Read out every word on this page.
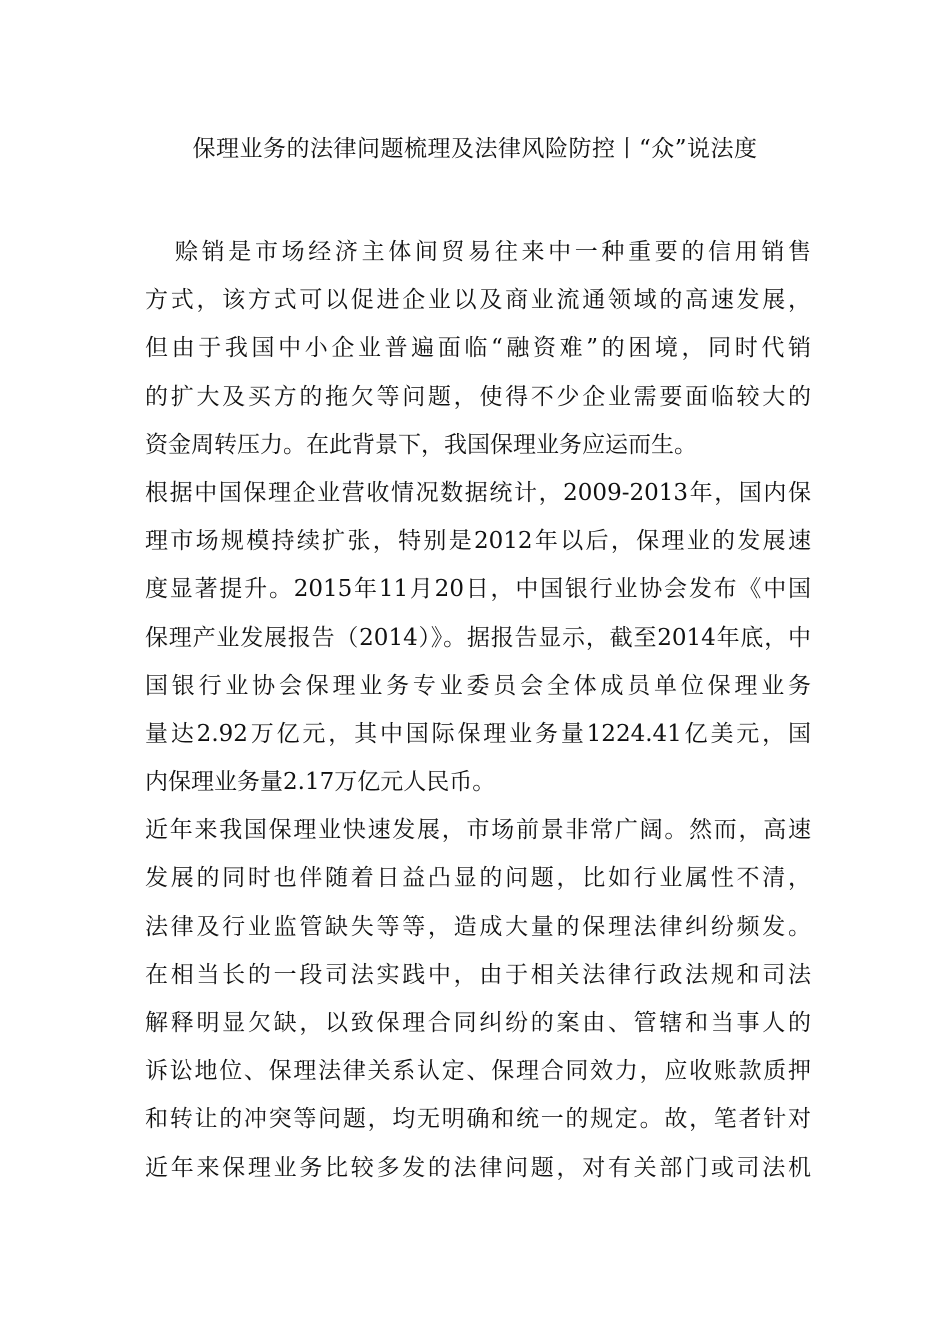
保理业务的法律问题梳理及法律风险防控丨“众”说法度
赊销是市场经济主体间贸易往来中一种重要的信用销售
方式，该方式可以促进企业以及商业流通领域的高速发展，
但由于我国中小企业普遍面临“融资难”的困境，同时代销
的扩大及买方的拖欠等问题，使得不少企业需要面临较大的
资金周转压力。在此背景下，我国保理业务应运而生。
根据中国保理企业营收情况数据统计，2009-2013年，国内保
理市场规模持续扩张，特别是2012年以后，保理业的发展速
度显著提升。2015年11月20日，中国银行业协会发布《中国
保理产业发展报告（2014）》。据报告显示，截至2014年底，中
国银行业协会保理业务专业委员会全体成员单位保理业务
量达2.92万亿元，其中国际保理业务量1224.41亿美元，国
内保理业务量2.17万亿元人民币。
近年来我国保理业快速发展，市场前景非常广阔。然而，高速
发展的同时也伴随着日益凸显的问题，比如行业属性不清，
法律及行业监管缺失等等，造成大量的保理法律纠纷频发。
在相当长的一段司法实践中，由于相关法律行政法规和司法
解释明显欠缺，以致保理合同纠纷的案由、管辖和当事人的
诉讼地位、保理法律关系认定、保理合同效力，应收账款质押
和转让的冲突等问题，均无明确和统一的规定。故，笔者针对
近年来保理业务比较多发的法律问题，对有关部门或司法机
